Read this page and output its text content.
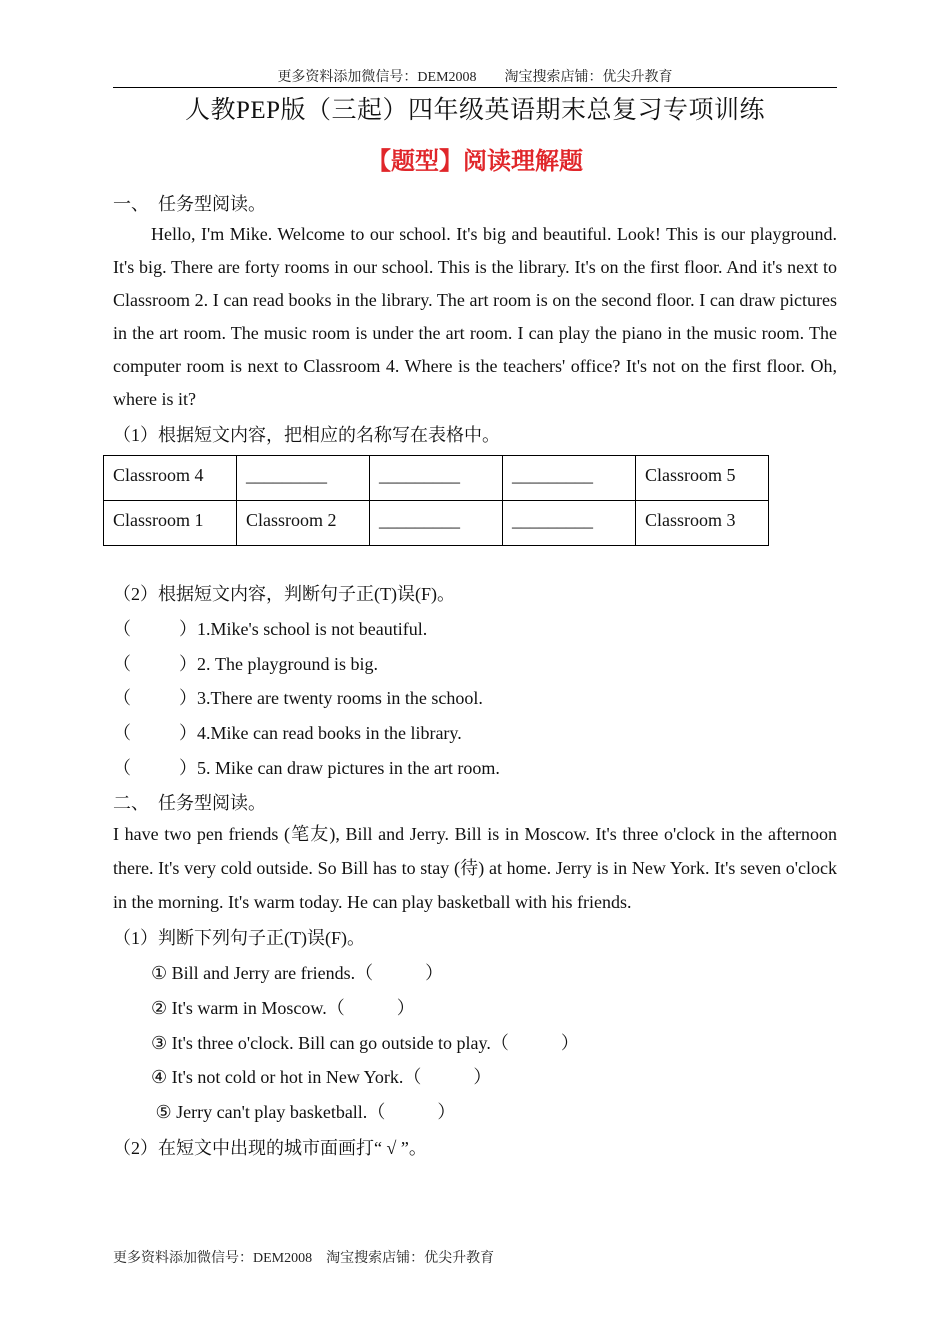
更多资料添加微信号：DEM2008　　淘宝搜索店铺：优尖升教育
人教PEP版（三起）四年级英语期末总复习专项训练
【题型】阅读理解题
一、　任务型阅读。
Hello, I'm Mike. Welcome to our school. It's big and beautiful. Look! This is our playground. It's big. There are forty rooms in our school. This is the library. It's on the first floor. And it's next to Classroom 2. I can read books in the library. The art room is on the second floor. I can draw pictures in the art room. The music room is under the art room. I can play the piano in the music room. The computer room is next to Classroom 4. Where is the teachers' office? It's not on the first floor. Oh, where is it?
（1）根据短文内容，把相应的名称写在表格中。
Classroom 4	_________	_________	_________	Classroom 5
Classroom 1	Classroom 2	_________	_________	Classroom 3
（2）根据短文内容，判断句子正(T)误(F)。
（	）1.Mike's school is not beautiful.
（	）2. The playground is big.
（	）3.There are twenty rooms in the school.
（	）4.Mike can read books in the library.
（	）5. Mike can draw pictures in the art room.
二、　任务型阅读。
I have two pen friends (笔友), Bill and Jerry. Bill is in Moscow. It's three o'clock in the afternoon there. It's very cold outside. So Bill has to stay (待) at home. Jerry is in New York. It's seven o'clock in the morning. It's warm today. He can play basketball with his friends.
（1）判断下列句子正(T)误(F)。
① Bill and Jerry are friends.（	）
② It's warm in Moscow.（	）
③ It's three o'clock. Bill can go outside to play.（	）
④ It's not cold or hot in New York.（	）
⑤ Jerry can't play basketball.（	）
（2）在短文中出现的城市面画打“ √ ”。
更多资料添加微信号：DEM2008　淘宝搜索店铺：优尖升教育
